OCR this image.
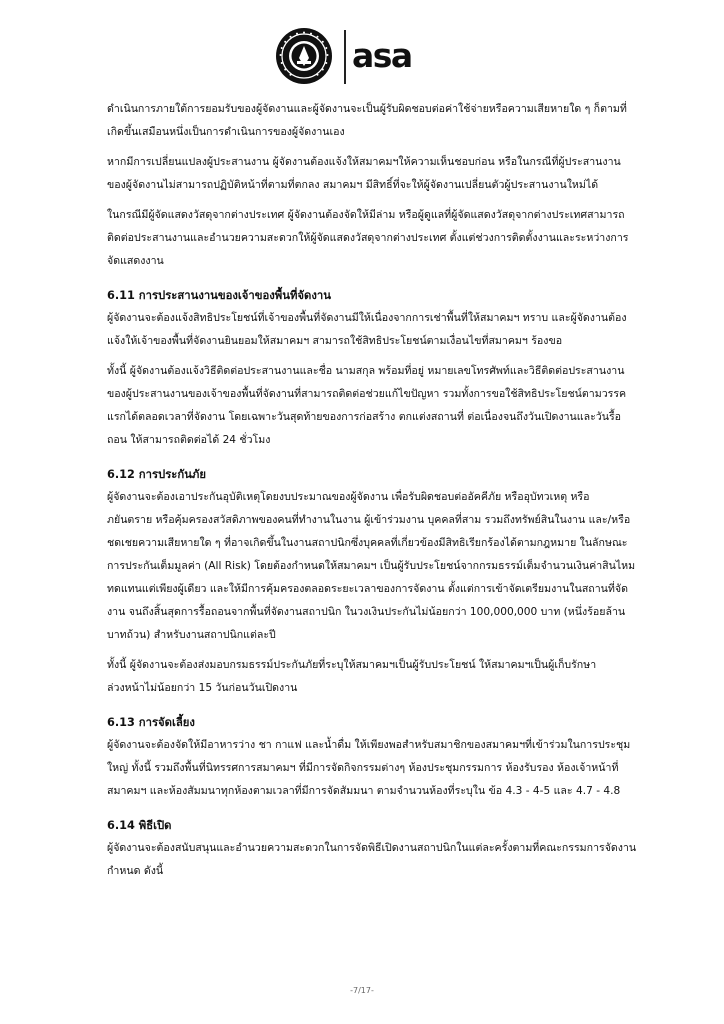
asa

ดำเนินการภายใต้การยอมรับของผู้จัดงานและผู้จัดงานจะเป็นผู้รับผิดชอบต่อค่าใช้จ่ายหรือความเสียหายใด ๆ ก็ตามที่
เกิดขึ้นเสมือนหนึ่งเป็นการดำเนินการของผู้จัดงานเอง

หากมีการเปลี่ยนแปลงผู้ประสานงาน ผู้จัดงานต้องแจ้งให้สมาคมฯให้ความเห็นชอบก่อน หรือในกรณีที่ผู้ประสานงาน
ของผู้จัดงานไม่สามารถปฏิบัติหน้าที่ตามที่ตกลง สมาคมฯ มีสิทธิ์ที่จะให้ผู้จัดงานเปลี่ยนตัวผู้ประสานงานใหม่ได้

ในกรณีมีผู้จัดแสดงวัสดุจากต่างประเทศ ผู้จัดงานต้องจัดให้มีล่าม หรือผู้ดูแลที่ผู้จัดแสดงวัสดุจากต่างประเทศสามารถ
ติดต่อประสานงานและอำนวยความสะดวกให้ผู้จัดแสดงวัสดุจากต่างประเทศ ตั้งแต่ช่วงการติดตั้งงานและระหว่างการ
จัดแสดงงาน

6.11 การประสานงานของเจ้าของพื้นที่จัดงาน

ผู้จัดงานจะต้องแจ้งสิทธิประโยชน์ที่เจ้าของพื้นที่จัดงานมีให้เนื่องจากการเช่าพื้นที่ให้สมาคมฯ ทราบ และผู้จัดงานต้อง
แจ้งให้เจ้าของพื้นที่จัดงานยินยอมให้สมาคมฯ สามารถใช้สิทธิประโยชน์ตามเงื่อนไขที่สมาคมฯ ร้องขอ

ทั้งนี้ ผู้จัดงานต้องแจ้งวิธีติดต่อประสานงานและชื่อ นามสกุล พร้อมที่อยู่ หมายเลขโทรศัพท์และวิธีติดต่อประสานงาน
ของผู้ประสานงานของเจ้าของพื้นที่จัดงานที่สามารถติดต่อช่วยแก้ไขปัญหา รวมทั้งการขอใช้สิทธิประโยชน์ตามวรรค
แรกได้ตลอดเวลาที่จัดงาน โดยเฉพาะวันสุดท้ายของการก่อสร้าง ตกแต่งสถานที่ ต่อเนื่องจนถึงวันเปิดงานและวันรื้อ
ถอน ให้สามารถติดต่อได้ 24 ชั่วโมง

6.12 การประกันภัย

ผู้จัดงานจะต้องเอาประกันอุบัติเหตุโดยงบประมาณของผู้จัดงาน เพื่อรับผิดชอบต่ออัคคีภัย หรืออุบัทวเหตุ หรือ
ภยันตราย หรือคุ้มครองสวัสดิภาพของคนที่ทำงานในงาน ผู้เข้าร่วมงาน บุคคลที่สาม รวมถึงทรัพย์สินในงาน และ/หรือ
ชดเชยความเสียหายใด ๆ ที่อาจเกิดขึ้นในงานสถาปนิกซึ่งบุคคลที่เกี่ยวข้องมีสิทธิเรียกร้องได้ตามกฎหมาย ในลักษณะ
การประกันเต็มมูลค่า (All Risk) โดยต้องกำหนดให้สมาคมฯ เป็นผู้รับประโยชน์จากกรมธรรม์เต็มจำนวนเงินค่าสินไหม
ทดแทนแต่เพียงผู้เดียว และให้มีการคุ้มครองตลอดระยะเวลาของการจัดงาน ตั้งแต่การเข้าจัดเตรียมงานในสถานที่จัด
งาน จนถึงสิ้นสุดการรื้อถอนจากพื้นที่จัดงานสถาปนิก ในวงเงินประกันไม่น้อยกว่า 100,000,000 บาท (หนึ่งร้อยล้าน
บาทถ้วน) สำหรับงานสถาปนิกแต่ละปี

ทั้งนี้ ผู้จัดงานจะต้องส่งมอบกรมธรรม์ประกันภัยที่ระบุให้สมาคมฯเป็นผู้รับประโยชน์ ให้สมาคมฯเป็นผู้เก็บรักษา
ล่วงหน้าไม่น้อยกว่า 15 วันก่อนวันเปิดงาน

6.13 การจัดเลี้ยง

ผู้จัดงานจะต้องจัดให้มีอาหารว่าง ชา กาแฟ และน้ำดื่ม ให้เพียงพอสำหรับสมาชิกของสมาคมฯที่เข้าร่วมในการประชุม
ใหญ่ ทั้งนี้ รวมถึงพื้นที่นิทรรศการสมาคมฯ ที่มีการจัดกิจกรรมต่างๆ ห้องประชุมกรรมการ ห้องรับรอง ห้องเจ้าหน้าที่
สมาคมฯ และห้องสัมมนาทุกห้องตามเวลาที่มีการจัดสัมมนา ตามจำนวนห้องที่ระบุใน ข้อ 4.3 - 4-5 และ 4.7 - 4.8

6.14 พิธีเปิด

ผู้จัดงานจะต้องสนับสนุนและอำนวยความสะดวกในการจัดพิธีเปิดงานสถาปนิกในแต่ละครั้งตามที่คณะกรรมการจัดงาน
กำหนด ดังนี้

-7/17-
